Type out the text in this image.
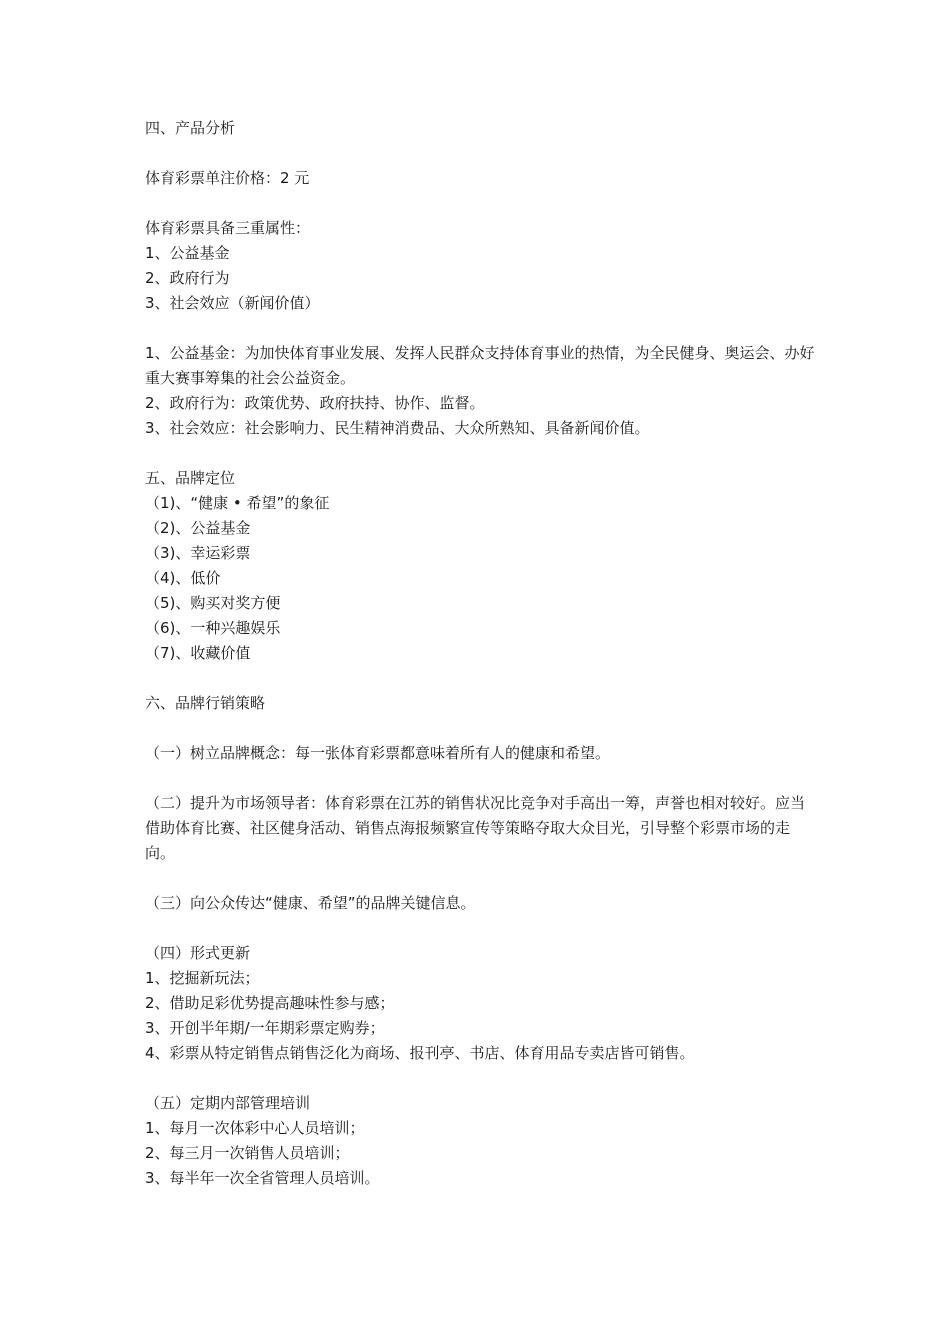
四、产品分析

体育彩票单注价格：2 元

体育彩票具备三重属性：

1、公益基金

2、政府行为

3、社会效应（新闻价值）

1、公益基金：为加快体育事业发展、发挥人民群众支持体育事业的热情，为全民健身、奥运会、办好重大赛事筹集的社会公益资金。

2、政府行为：政策优势、政府扶持、协作、监督。

3、社会效应：社会影响力、民生精神消费品、大众所熟知、具备新闻价值。

五、品牌定位

（1)、“健康 • 希望”的象征

（2)、公益基金

（3)、幸运彩票

（4)、低价

（5)、购买对奖方便

（6)、一种兴趣娱乐

（7)、收藏价值

六、品牌行销策略

（一）树立品牌概念：每一张体育彩票都意味着所有人的健康和希望。

（二）提升为市场领导者：体育彩票在江苏的销售状况比竞争对手高出一筹，声誉也相对较好。应当借助体育比赛、社区健身活动、销售点海报频繁宣传等策略夺取大众目光，引导整个彩票市场的走向。

（三）向公众传达“健康、希望”的品牌关键信息。

（四）形式更新

1、挖掘新玩法；

2、借助足彩优势提高趣味性参与感；

3、开创半年期/一年期彩票定购券；

4、彩票从特定销售点销售泛化为商场、报刊亭、书店、体育用品专卖店皆可销售。

（五）定期内部管理培训

1、每月一次体彩中心人员培训；

2、每三月一次销售人员培训；

3、每半年一次全省管理人员培训。
